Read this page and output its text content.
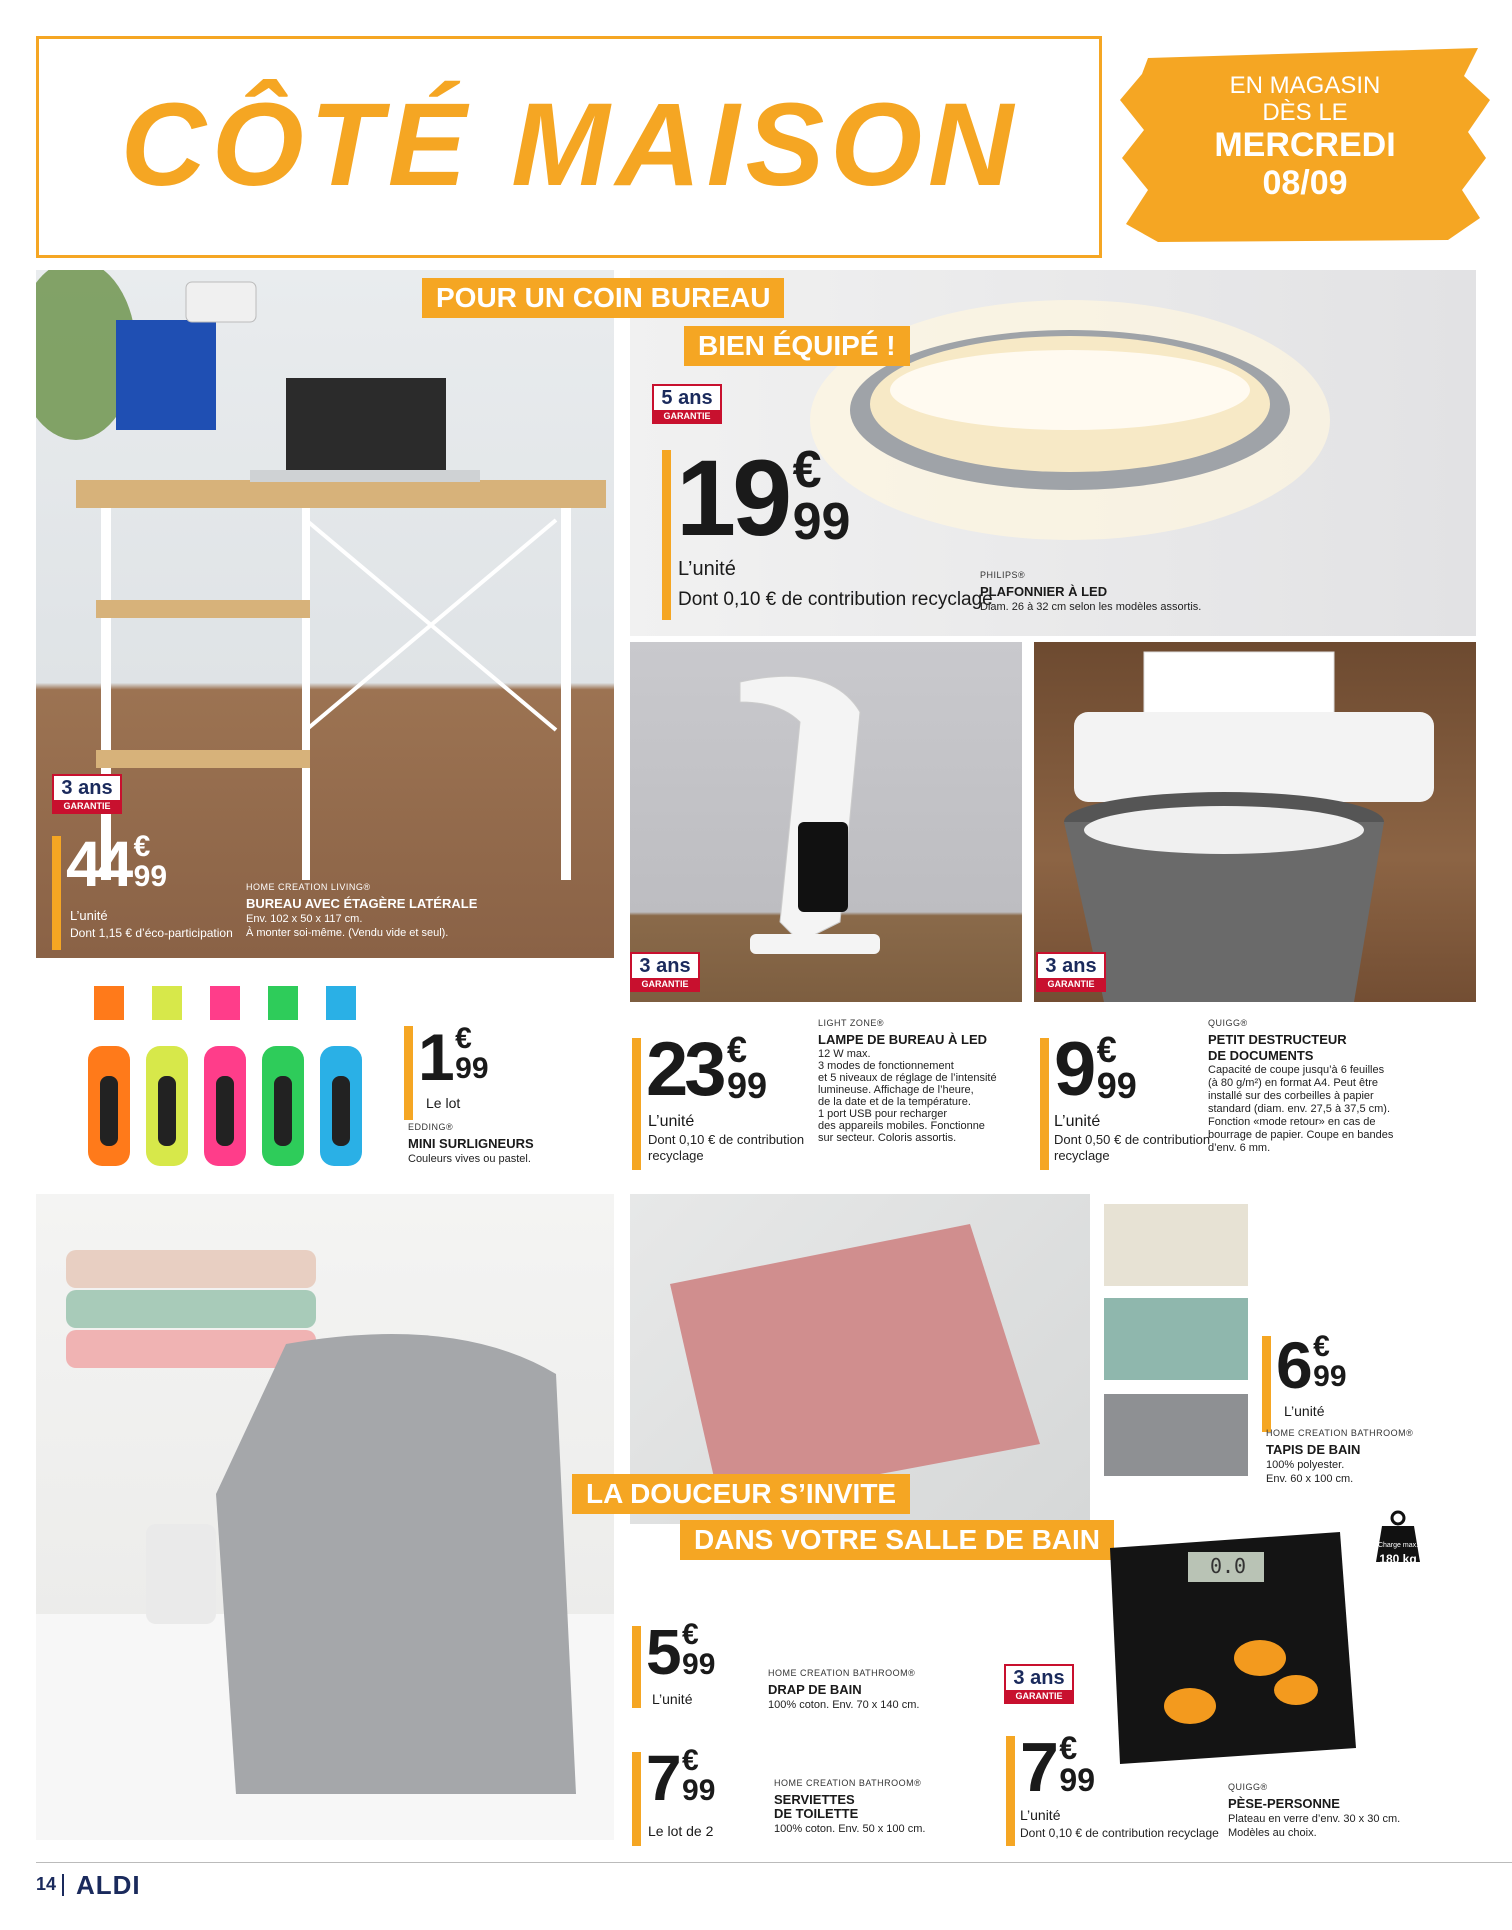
CÔTÉ MAISON	EN MAGASIN
DÈS LE
MERCREDI
08/09
3 ans
GARANTIE
44 €
99
L’unité
Dont 1,15 € d’éco-participation
HOME CREATION LIVING®
BUREAU AVEC ÉTAGÈRE LATÉRALE
Env. 102 x 50 x 117 cm.
À monter soi-même. (Vendu vide et seul).
POUR UN COIN BUREAU
BIEN ÉQUIPÉ !
5 ans
GARANTIE
19 €
99
L’unité
Dont 0,10 € de contribution recyclage
PHILIPS®
PLAFONNIER À LED
Diam. 26 à 32 cm selon les modèles assortis.
3 ans
GARANTIE
23 €
99
L’unité
Dont 0,10 € de contribution
recyclage
LIGHT ZONE®
LAMPE DE BUREAU À LED
12 W max.
3 modes de fonctionnement
et 5 niveaux de réglage de l’intensité
lumineuse. Affichage de l’heure,
de la date et de la température.
1 port USB pour recharger
des appareils mobiles. Fonctionne
sur secteur. Coloris assortis.
3 ans
GARANTIE
9 €
99
L’unité
Dont 0,50 € de contribution
recyclage
QUIGG®
PETIT DESTRUCTEUR
DE DOCUMENTS
Capacité de coupe jusqu’à 6 feuilles
(à 80 g/m²) en format A4. Peut être
installé sur des corbeilles à papier
standard (diam. env. 27,5 à 37,5 cm).
Fonction «mode retour» en cas de
bourrage de papier. Coupe en bandes
d’env. 6 mm.
1 €
99
Le lot
EDDING®
MINI SURLIGNEURS
Couleurs vives ou pastel.
LA DOUCEUR S’INVITE
DANS VOTRE SALLE DE BAIN
6 €
99
L’unité
HOME CREATION BATHROOM®
TAPIS DE BAIN
100% polyester.
Env. 60 x 100 cm.
5 €
99
L’unité
HOME CREATION BATHROOM®
DRAP DE BAIN
100% coton. Env. 70 x 140 cm.
7 €
99
Le lot de 2
HOME CREATION BATHROOM®
SERVIETTES
DE TOILETTE
100% coton. Env. 50 x 100 cm.
0.0
Charge max.
180 kg
3 ans
GARANTIE
7 €
99
L’unité
Dont 0,10 € de contribution recyclage
QUIGG®
PÈSE-PERSONNE
Plateau en verre d’env. 30 x 30 cm.
Modèles au choix.
14 ALDI
